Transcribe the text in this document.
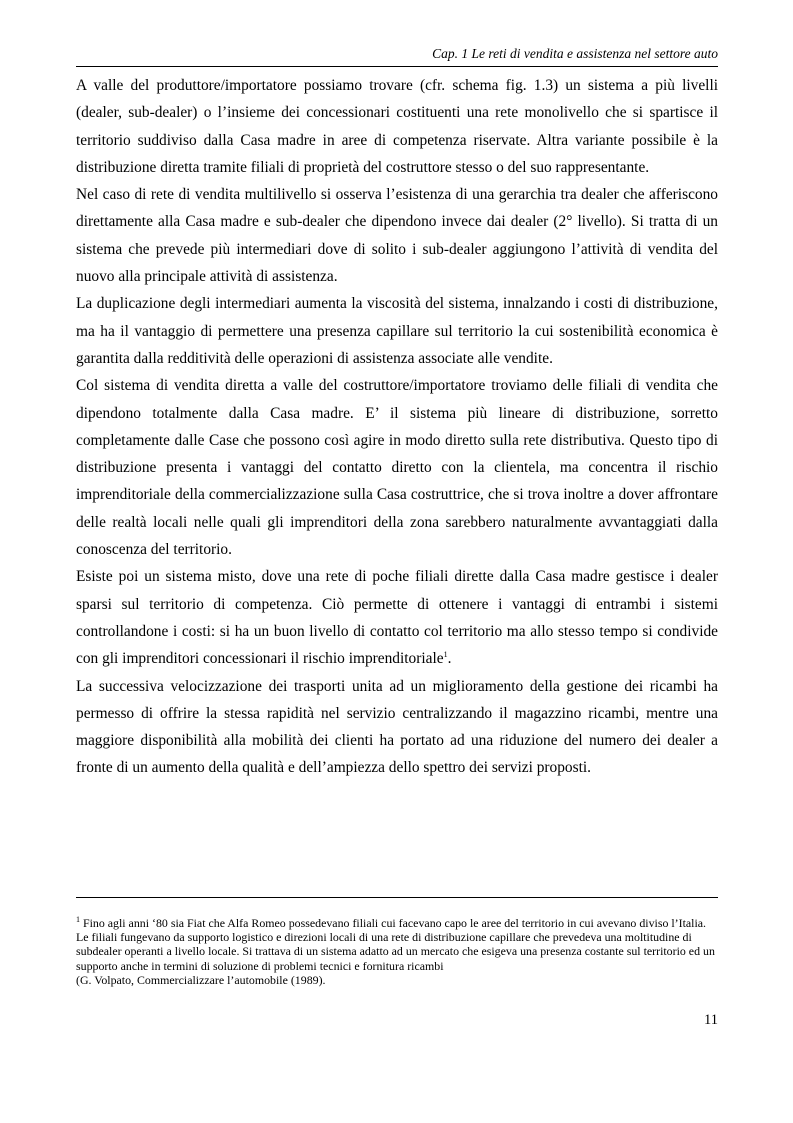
Cap. 1 Le reti di vendita e assistenza nel settore auto

A valle del produttore/importatore possiamo trovare (cfr. schema fig. 1.3) un sistema a più livelli (dealer, sub-dealer) o l’insieme dei concessionari costituenti una rete monolivello che si spartisce il territorio suddiviso dalla Casa madre in aree di competenza riservate. Altra variante possibile è la distribuzione diretta tramite filiali di proprietà del costruttore stesso o del suo rappresentante.

Nel caso di rete di vendita multilivello si osserva l’esistenza di una gerarchia tra dealer che afferiscono direttamente alla Casa madre e sub-dealer che dipendono invece dai dealer (2° livello). Si tratta di un sistema che prevede più intermediari dove di solito i sub-dealer aggiungono l’attività di vendita del nuovo alla principale attività di assistenza.

La duplicazione degli intermediari aumenta la viscosità del sistema, innalzando i costi di distribuzione, ma ha il vantaggio di permettere una presenza capillare sul territorio la cui sostenibilità economica è garantita dalla redditività delle operazioni di assistenza associate alle vendite.

Col sistema di vendita diretta a valle del costruttore/importatore troviamo delle filiali di vendita che dipendono totalmente dalla Casa madre. E’ il sistema più lineare di distribuzione, sorretto completamente dalle Case che possono così agire in modo diretto sulla rete distributiva. Questo tipo di distribuzione presenta i vantaggi del contatto diretto con la clientela, ma concentra il rischio imprenditoriale della commercializzazione sulla Casa costruttrice, che si trova inoltre a dover affrontare delle realtà locali nelle quali gli imprenditori della zona sarebbero naturalmente avvantaggiati dalla conoscenza del territorio.

Esiste poi un sistema misto, dove una rete di poche filiali dirette dalla Casa madre gestisce i dealer sparsi sul territorio di competenza. Ciò permette di ottenere i vantaggi di entrambi i sistemi controllandone i costi: si ha un buon livello di contatto col territorio ma allo stesso tempo si condivide con gli imprenditori concessionari il rischio imprenditoriale$^1$.

La successiva velocizzazione dei trasporti unita ad un miglioramento della gestione dei ricambi ha permesso di offrire la stessa rapidità nel servizio centralizzando il magazzino ricambi, mentre una maggiore disponibilità alla mobilità dei clienti ha portato ad una riduzione del numero dei dealer a fronte di un aumento della qualità e dell’ampiezza dello spettro dei servizi proposti.

$^1$ Fino agli anni ‘80 sia Fiat che Alfa Romeo possedevano filiali cui facevano capo le aree del territorio in cui avevano diviso l’Italia. Le filiali fungevano da supporto logistico e direzioni locali di una rete di distribuzione capillare che prevedeva una moltitudine di subdealer operanti a livello locale. Si trattava di un sistema adatto ad un mercato che esigeva una presenza costante sul territorio ed un supporto anche in termini di soluzione di problemi tecnici e fornitura ricambi

(G. Volpato, Commercializzare l’automobile (1989).

11
